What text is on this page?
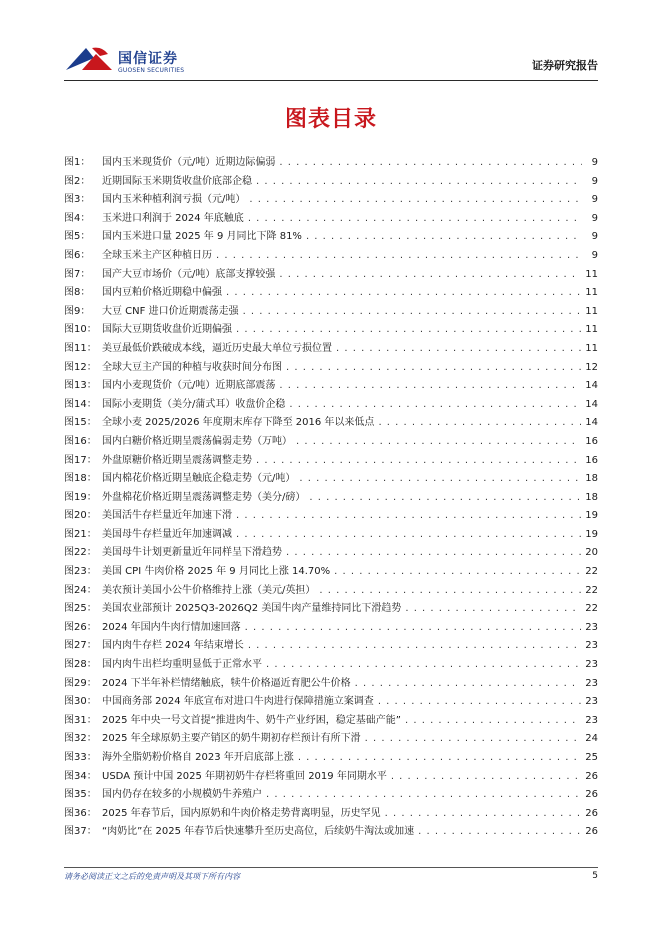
国信证券
GUOSEN SECURITIES	证券研究报告
图表目录
图1：	国内玉米现货价（元/吨）近期边际偏弱 . . .	9
图2：	近期国际玉米期货收盘价底部企稳 . . .	9
图3：	国内玉米种植利润亏损（元/吨） . . .	9
图4：	玉米进口利润于 2024 年底触底 . . .	9
图5：	国内玉米进口量 2025 年 9 月同比下降 81% . . .	9
图6：	全球玉米主产区种植日历 . . .	9
图7：	国产大豆市场价（元/吨）底部支撑较强 . . .	11
图8：	国内豆粕价格近期稳中偏强 . . .	11
图9：	大豆 CNF 进口价近期震荡走强 . . .	11
图10： 国际大豆期货收盘价近期偏强 . . .	11
图11： 美豆最低价跌破成本线，逼近历史最大单位亏损位置 . . .	11
图12： 全球大豆主产国的种植与收获时间分布图 . . .	12
图13： 国内小麦现货价（元/吨）近期底部震荡 . . .	14
图14： 国际小麦期货（美分/蒲式耳）收盘价企稳 . . .	14
图15： 全球小麦 2025/2026 年度期末库存下降至 2016 年以来低点 . . .	14
图16： 国内白糖价格近期呈震荡偏弱走势（万吨） . . .	16
图17： 外盘原糖价格近期呈震荡调整走势 . . .	16
图18： 国内棉花价格近期呈触底企稳走势（元/吨） . . .	18
图19： 外盘棉花价格近期呈震荡调整走势（美分/磅） . . .	18
图20： 美国活牛存栏量近年加速下滑 . . .	19
图21： 美国母牛存栏量近年加速调减 . . .	19
图22： 美国母牛计划更新量近年同样呈下滑趋势 . . .	20
图23： 美国 CPI 牛肉价格 2025 年 9 月同比上涨 14.70% . . .	22
图24： 美农预计美国小公牛价格维持上涨（美元/英担） . . .	22
图25： 美国农业部预计 2025Q3-2026Q2 美国牛肉产量维持同比下滑趋势 . . .	22
图26： 2024 年国内牛肉行情加速回落 . . .	23
图27： 国内肉牛存栏 2024 年结束增长 . . .	23
图28： 国内肉牛出栏均重明显低于正常水平 . . .	23
图29： 2024 下半年补栏情绪触底，犊牛价格逼近育肥公牛价格 . . .	23
图30： 中国商务部 2024 年底宣布对进口牛肉进行保障措施立案调查 . . .	23
图31： 2025 年中央一号文首提“推进肉牛、奶牛产业纾困，稳定基础产能” . . .	23
图32： 2025 年全球原奶主要产销区的奶牛期初存栏预计有所下滑 . . .	24
图33： 海外全脂奶粉价格自 2023 年开启底部上涨 . . .	25
图34： USDA 预计中国 2025 年期初奶牛存栏将重回 2019 年同期水平 . . .	26
图35： 国内仍存在较多的小规模奶牛养殖户 . . .	26
图36： 2025 年春节后，国内原奶和牛肉价格走势背离明显，历史罕见 . . .	26
图37： “肉奶比”在 2025 年春节后快速攀升至历史高位，后续奶牛淘汰或加速 . . .	26
请务必阅读正文之后的免责声明及其项下所有内容	5
